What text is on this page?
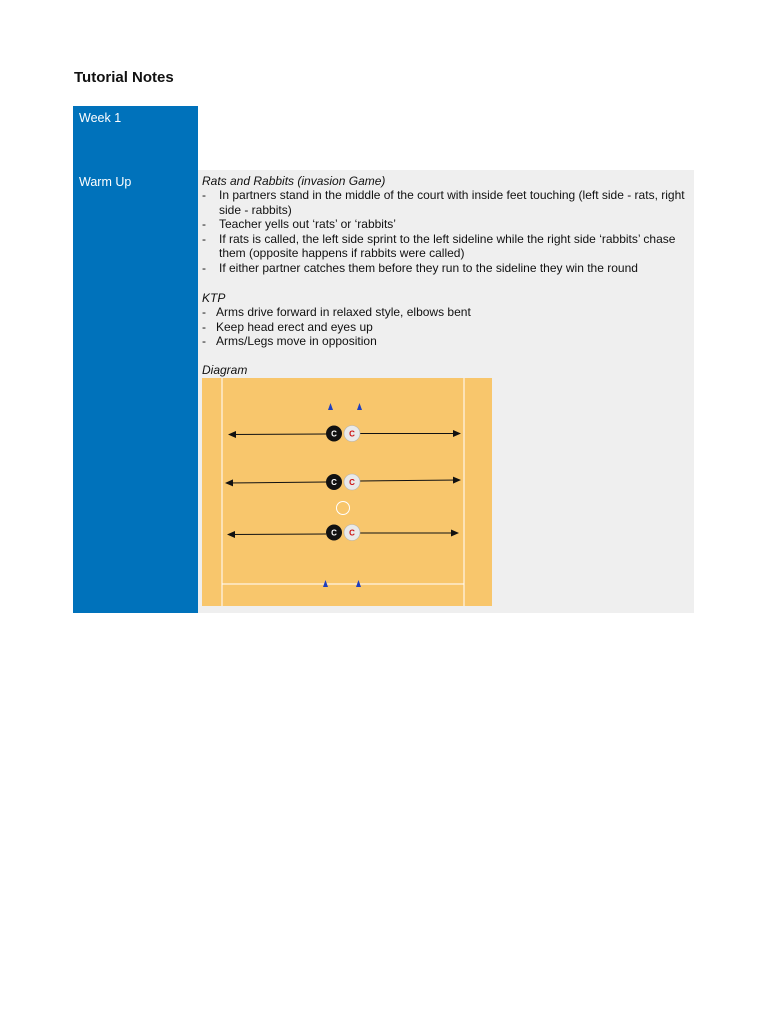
Tutorial Notes
Week 1
Warm Up	Rats and Rabbits (invasion Game)
- In partners stand in the middle of the court with inside feet touching (left side - rats, right side - rabbits)
- Teacher yells out ‘rats’ or ‘rabbits’
- If rats is called, the left side sprint to the left sideline while the right side ‘rabbits’ chase them (opposite happens if rabbits were called)
- If either partner catches them before they run to the sideline they win the round
KTP
- Arms drive forward in relaxed style, elbows bent
- Keep head erect and eyes up
- Arms/Legs move in opposition
Diagram
C C
C C
C C
